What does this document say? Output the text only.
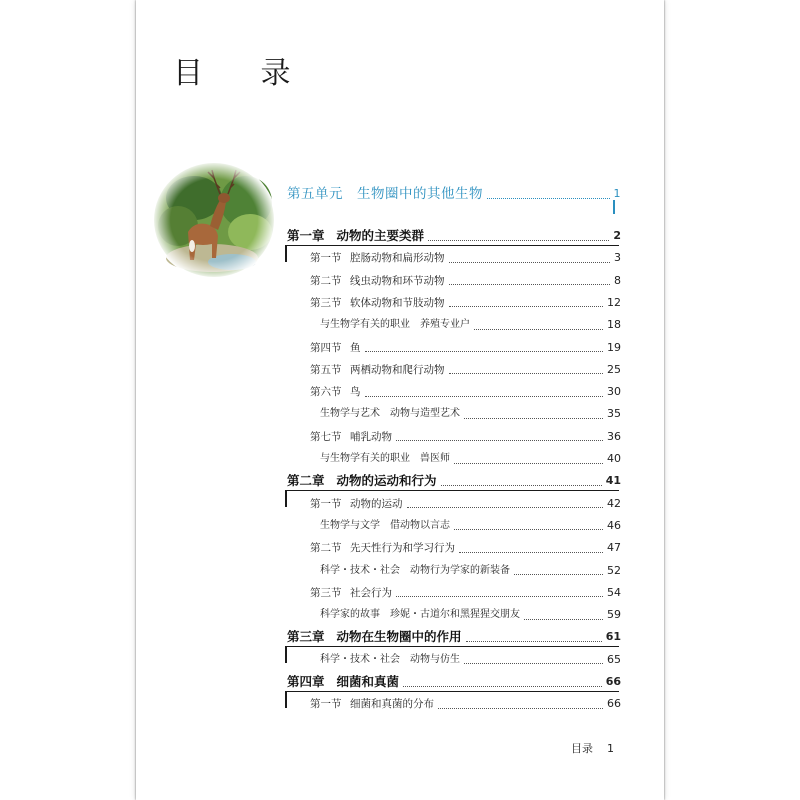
目 录
第五单元 生物圈中的其他生物	1
第一章 动物的主要类群	2
第一节 腔肠动物和扁形动物	3
第二节 线虫动物和环节动物	8
第三节 软体动物和节肢动物	12
与生物学有关的职业 养殖专业户	18
第四节 鱼	19
第五节 两栖动物和爬行动物	25
第六节 鸟	30
生物学与艺术 动物与造型艺术	35
第七节 哺乳动物	36
与生物学有关的职业 兽医师	40
第二章 动物的运动和行为	41
第一节 动物的运动	42
生物学与文学 借动物以言志	46
第二节 先天性行为和学习行为	47
科学・技术・社会 动物行为学家的新装备	52
第三节 社会行为	54
科学家的故事 珍妮・古道尔和黑猩猩交朋友	59
第三章 动物在生物圈中的作用	61
科学・技术・社会 动物与仿生	65
第四章 细菌和真菌	66
第一节 细菌和真菌的分布	66
目录 1
